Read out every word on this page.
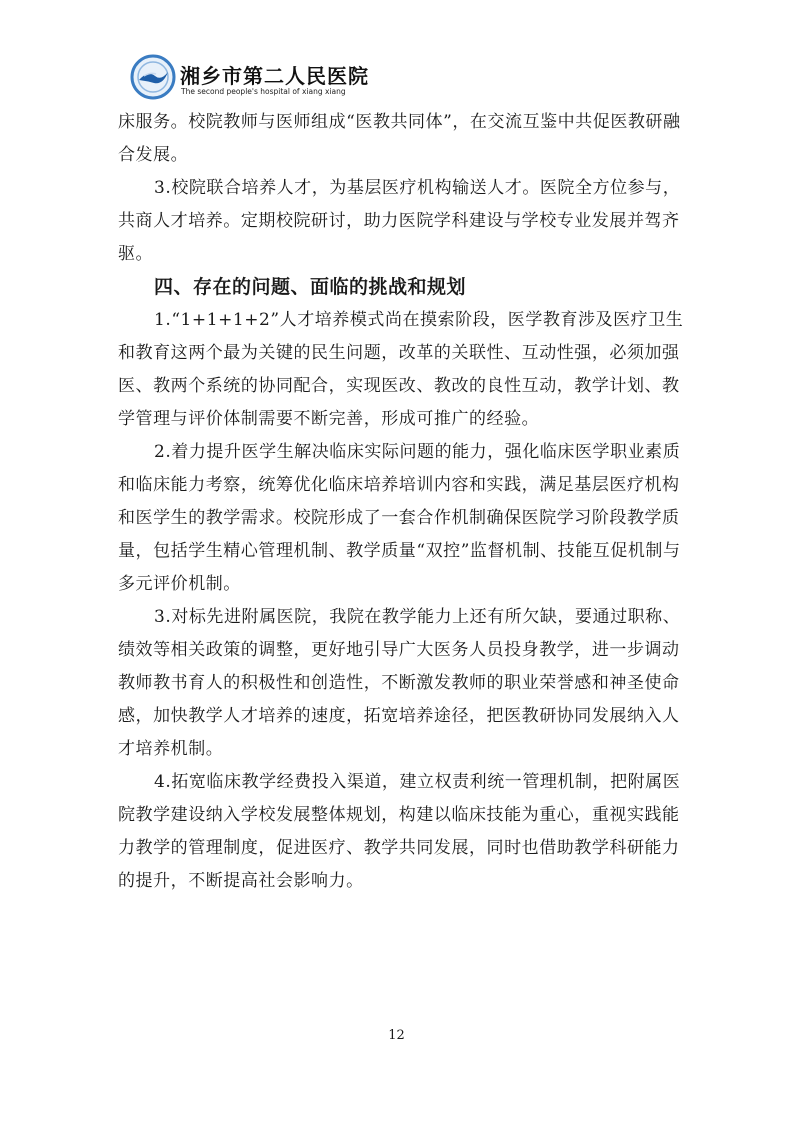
湘乡市第二人民医院
The second people's hospital of xiang xiang

床服务。校院教师与医师组成“医教共同体”，在交流互鉴中共促医教研融合发展。

3.校院联合培养人才，为基层医疗机构输送人才。医院全方位参与，共商人才培养。定期校院研讨，助力医院学科建设与学校专业发展并驾齐驱。

四、存在的问题、面临的挑战和规划

1.“1+1+1+2”人才培养模式尚在摸索阶段，医学教育涉及医疗卫生和教育这两个最为关键的民生问题，改革的关联性、互动性强，必须加强医、教两个系统的协同配合，实现医改、教改的良性互动，教学计划、教学管理与评价体制需要不断完善，形成可推广的经验。

2.着力提升医学生解决临床实际问题的能力，强化临床医学职业素质和临床能力考察，统筹优化临床培养培训内容和实践，满足基层医疗机构和医学生的教学需求。校院形成了一套合作机制确保医院学习阶段教学质量，包括学生精心管理机制、教学质量“双控”监督机制、技能互促机制与多元评价机制。

3.对标先进附属医院，我院在教学能力上还有所欠缺，要通过职称、绩效等相关政策的调整，更好地引导广大医务人员投身教学，进一步调动教师教书育人的积极性和创造性，不断激发教师的职业荣誉感和神圣使命感，加快教学人才培养的速度，拓宽培养途径，把医教研协同发展纳入人才培养机制。

4.拓宽临床教学经费投入渠道，建立权责利统一管理机制，把附属医院教学建设纳入学校发展整体规划，构建以临床技能为重心，重视实践能力教学的管理制度，促进医疗、教学共同发展，同时也借助教学科研能力的提升，不断提高社会影响力。

12
